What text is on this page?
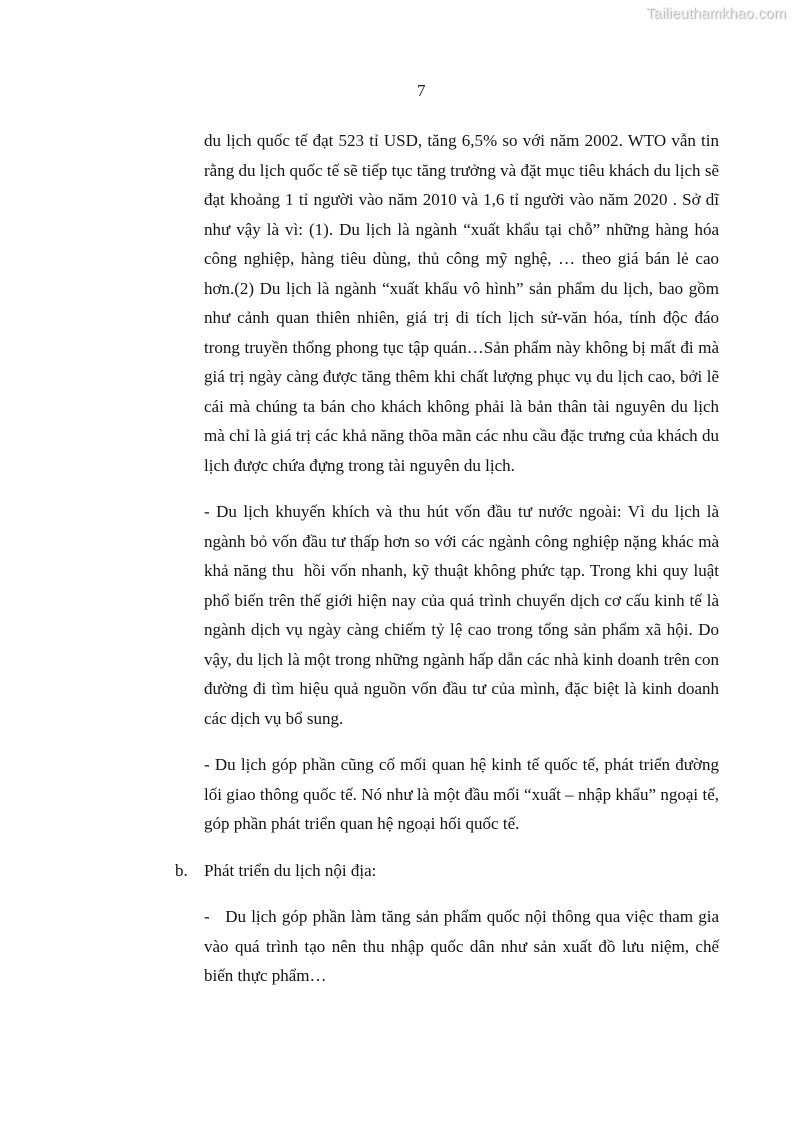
Tailieuthamkhao.com
7

du lịch quốc tế đạt 523 tỉ USD, tăng 6,5% so với năm 2002. WTO vẫn tin rằng du lịch quốc tế sẽ tiếp tục tăng trưởng và đặt mục tiêu khách du lịch sẽ đạt khoảng 1 tỉ người vào năm 2010 và 1,6 tỉ người vào năm 2020 . Sở dĩ như vậy là vì: (1). Du lịch là ngành “xuất khẩu tại chỗ” những hàng hóa công nghiệp, hàng tiêu dùng, thủ công mỹ nghệ, … theo giá bán lẻ cao hơn.(2) Du lịch là ngành “xuất khẩu vô hình” sản phẩm du lịch, bao gồm như cảnh quan thiên nhiên, giá trị di tích lịch sử-văn hóa, tính độc đáo trong truyền thống phong tục tập quán…Sản phẩm này không bị mất đi mà giá trị ngày càng được tăng thêm khi chất lượng phục vụ du lịch cao, bởi lẽ cái mà chúng ta bán cho khách không phải là bản thân tài nguyên du lịch mà chỉ là giá trị các khả năng thõa mãn các nhu cầu đặc trưng của khách du lịch được chứa đựng trong tài nguyên du lịch.

- Du lịch khuyến khích và thu hút vốn đầu tư nước ngoài: Vì du lịch là ngành bỏ vốn đầu tư thấp hơn so với các ngành công nghiệp nặng khác mà khả năng thu  hồi vốn nhanh, kỹ thuật không phức tạp. Trong khi quy luật phổ biến trên thế giới hiện nay của quá trình chuyển dịch cơ cấu kinh tế là ngành dịch vụ ngày càng chiếm tỷ lệ cao trong tổng sản phẩm xã hội. Do vậy, du lịch là một trong những ngành hấp dẫn các nhà kinh doanh trên con đường đi tìm hiệu quả nguồn vốn đầu tư của mình, đặc biệt là kinh doanh các dịch vụ bổ sung.

- Du lịch góp phần cũng cố mối quan hệ kinh tế quốc tế, phát triển đường lối giao thông quốc tế. Nó như là một đầu mối “xuất – nhập khẩu” ngoại tế, góp phần phát triển quan hệ ngoại hối quốc tế.

b. Phát triển du lịch nội địa:

-   Du lịch góp phần làm tăng sản phẩm quốc nội thông qua việc tham gia vào quá trình tạo nên thu nhập quốc dân như sản xuất đồ lưu niệm, chế biến thực phẩm…
